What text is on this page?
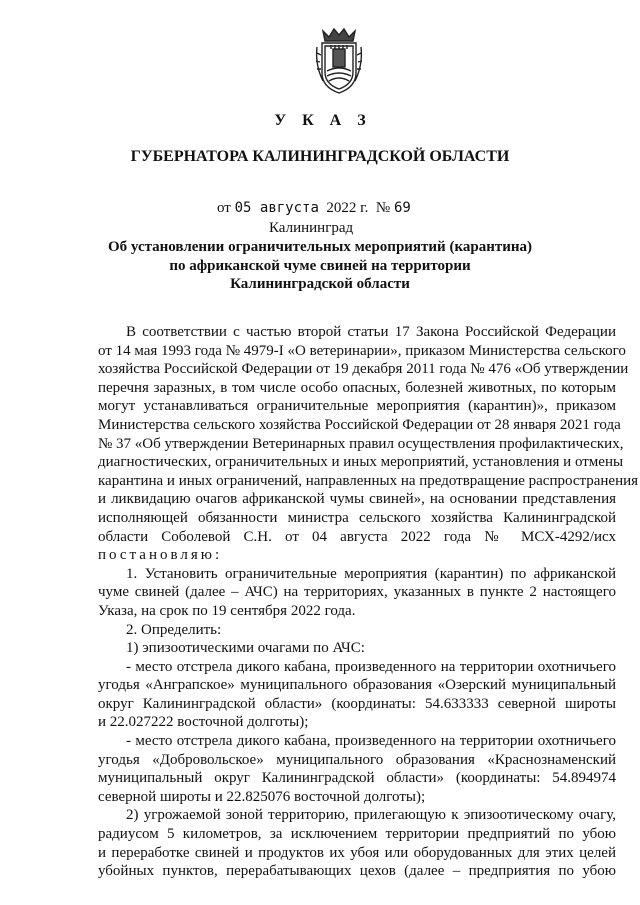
У К А З
ГУБЕРНАТОРА КАЛИНИНГРАДСКОЙ ОБЛАСТИ
от 05 августа 2022 г. № 69
Калининград
Об установлении ограничительных мероприятий (карантина)
по африканской чуме свиней на территории
Калининградской области
В соответствии с частью второй статьи 17 Закона Российской Федерации
от 14 мая 1993 года № 4979-I «О ветеринарии», приказом Министерства сельского
хозяйства Российской Федерации от 19 декабря 2011 года № 476 «Об утверждении
перечня заразных, в том числе особо опасных, болезней животных, по которым
могут устанавливаться ограничительные мероприятия (карантин)», приказом
Министерства сельского хозяйства Российской Федерации от 28 января 2021 года
№ 37 «Об утверждении Ветеринарных правил осуществления профилактических,
диагностических, ограничительных и иных мероприятий, установления и отмены
карантина и иных ограничений, направленных на предотвращение распространения
и ликвидацию очагов африканской чумы свиней», на основании представления
исполняющей обязанности министра сельского хозяйства Калининградской
области Соболевой С.Н. от 04 августа 2022 года № МСХ-4292/исх
постановляю:
1. Установить ограничительные мероприятия (карантин) по африканской
чуме свиней (далее – АЧС) на территориях, указанных в пункте 2 настоящего
Указа, на срок по 19 сентября 2022 года.
2. Определить:
1) эпизоотическими очагами по АЧС:
- место отстрела дикого кабана, произведенного на территории охотничьего
угодья «Анграпское» муниципального образования «Озерский муниципальный
округ Калининградской области» (координаты: 54.633333 северной широты
и 22.027222 восточной долготы);
- место отстрела дикого кабана, произведенного на территории охотничьего
угодья «Добровольское» муниципального образования «Краснознаменский
муниципальный округ Калининградской области» (координаты: 54.894974
северной широты и 22.825076 восточной долготы);
2) угрожаемой зоной территорию, прилегающую к эпизоотическому очагу,
радиусом 5 километров, за исключением территории предприятий по убою
и переработке свиней и продуктов их убоя или оборудованных для этих целей
убойных пунктов, перерабатывающих цехов (далее – предприятия по убою
